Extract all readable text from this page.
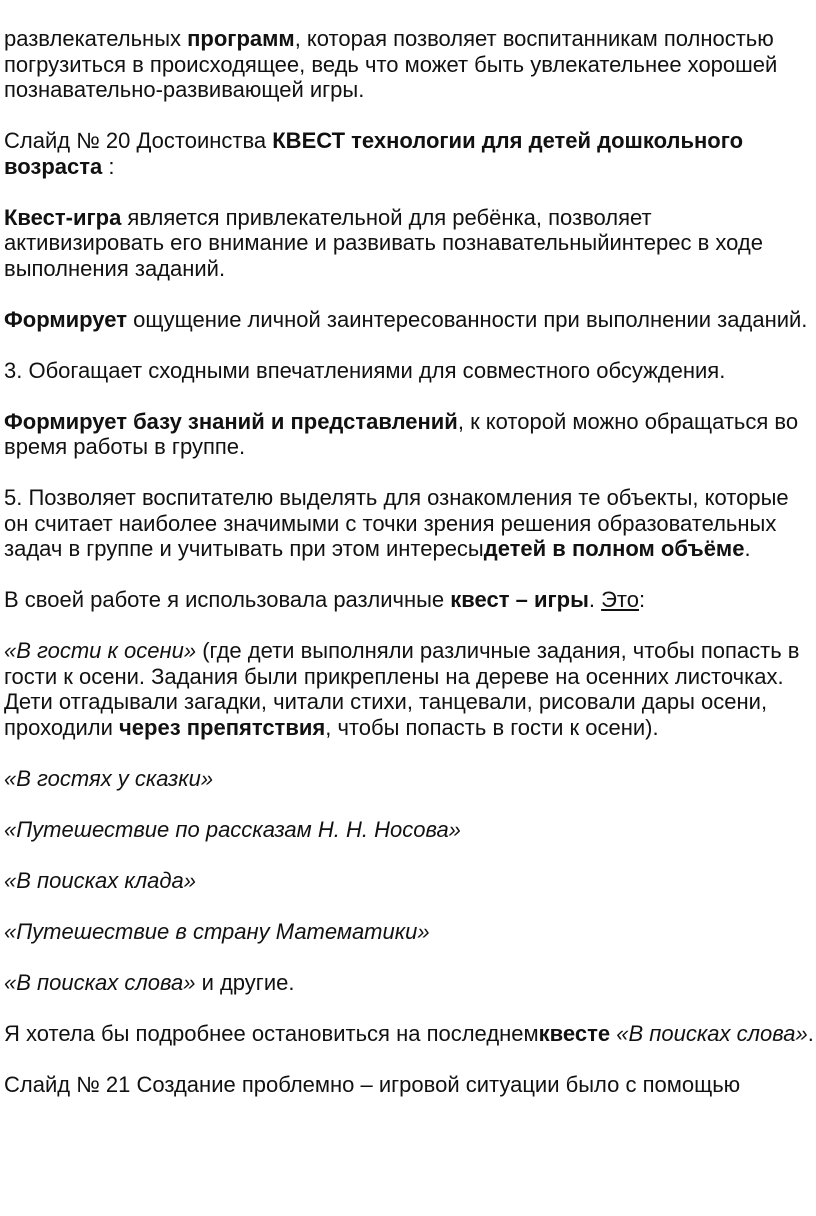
развлекательных программ, которая позволяет воспитанникам полностью погрузиться в происходящее, ведь что может быть увлекательнее хорошей познавательно-развивающей игры.

Слайд № 20 Достоинства КВЕСТ технологии для детей дошкольного возраста :

Квест-игра является привлекательной для ребёнка, позволяет активизировать его внимание и развивать познавательныйинтерес в ходе выполнения заданий.

Формирует ощущение личной заинтересованности при выполнении заданий.

3. Обогащает сходными впечатлениями для совместного обсуждения.

Формирует базу знаний и представлений, к которой можно обращаться во время работы в группе.

5. Позволяет воспитателю выделять для ознакомления те объекты, которые он считает наиболее значимыми с точки зрения решения образовательных задач в группе и учитывать при этом интересыдетей в полном объёме.

В своей работе я использовала различные квест – игры. Это:

«В гости к осени» (где дети выполняли различные задания, чтобы попасть в гости к осени. Задания были прикреплены на дереве на осенних листочках. Дети отгадывали загадки, читали стихи, танцевали, рисовали дары осени, проходили через препятствия, чтобы попасть в гости к осени).

«В гостях у сказки»

«Путешествие по рассказам Н. Н. Носова»

«В поисках клада»

«Путешествие в страну Математики»

«В поисках слова» и другие.

Я хотела бы подробнее остановиться на последнемквесте «В поисках слова».

Слайд № 21 Создание проблемно – игровой ситуации было с помощью
